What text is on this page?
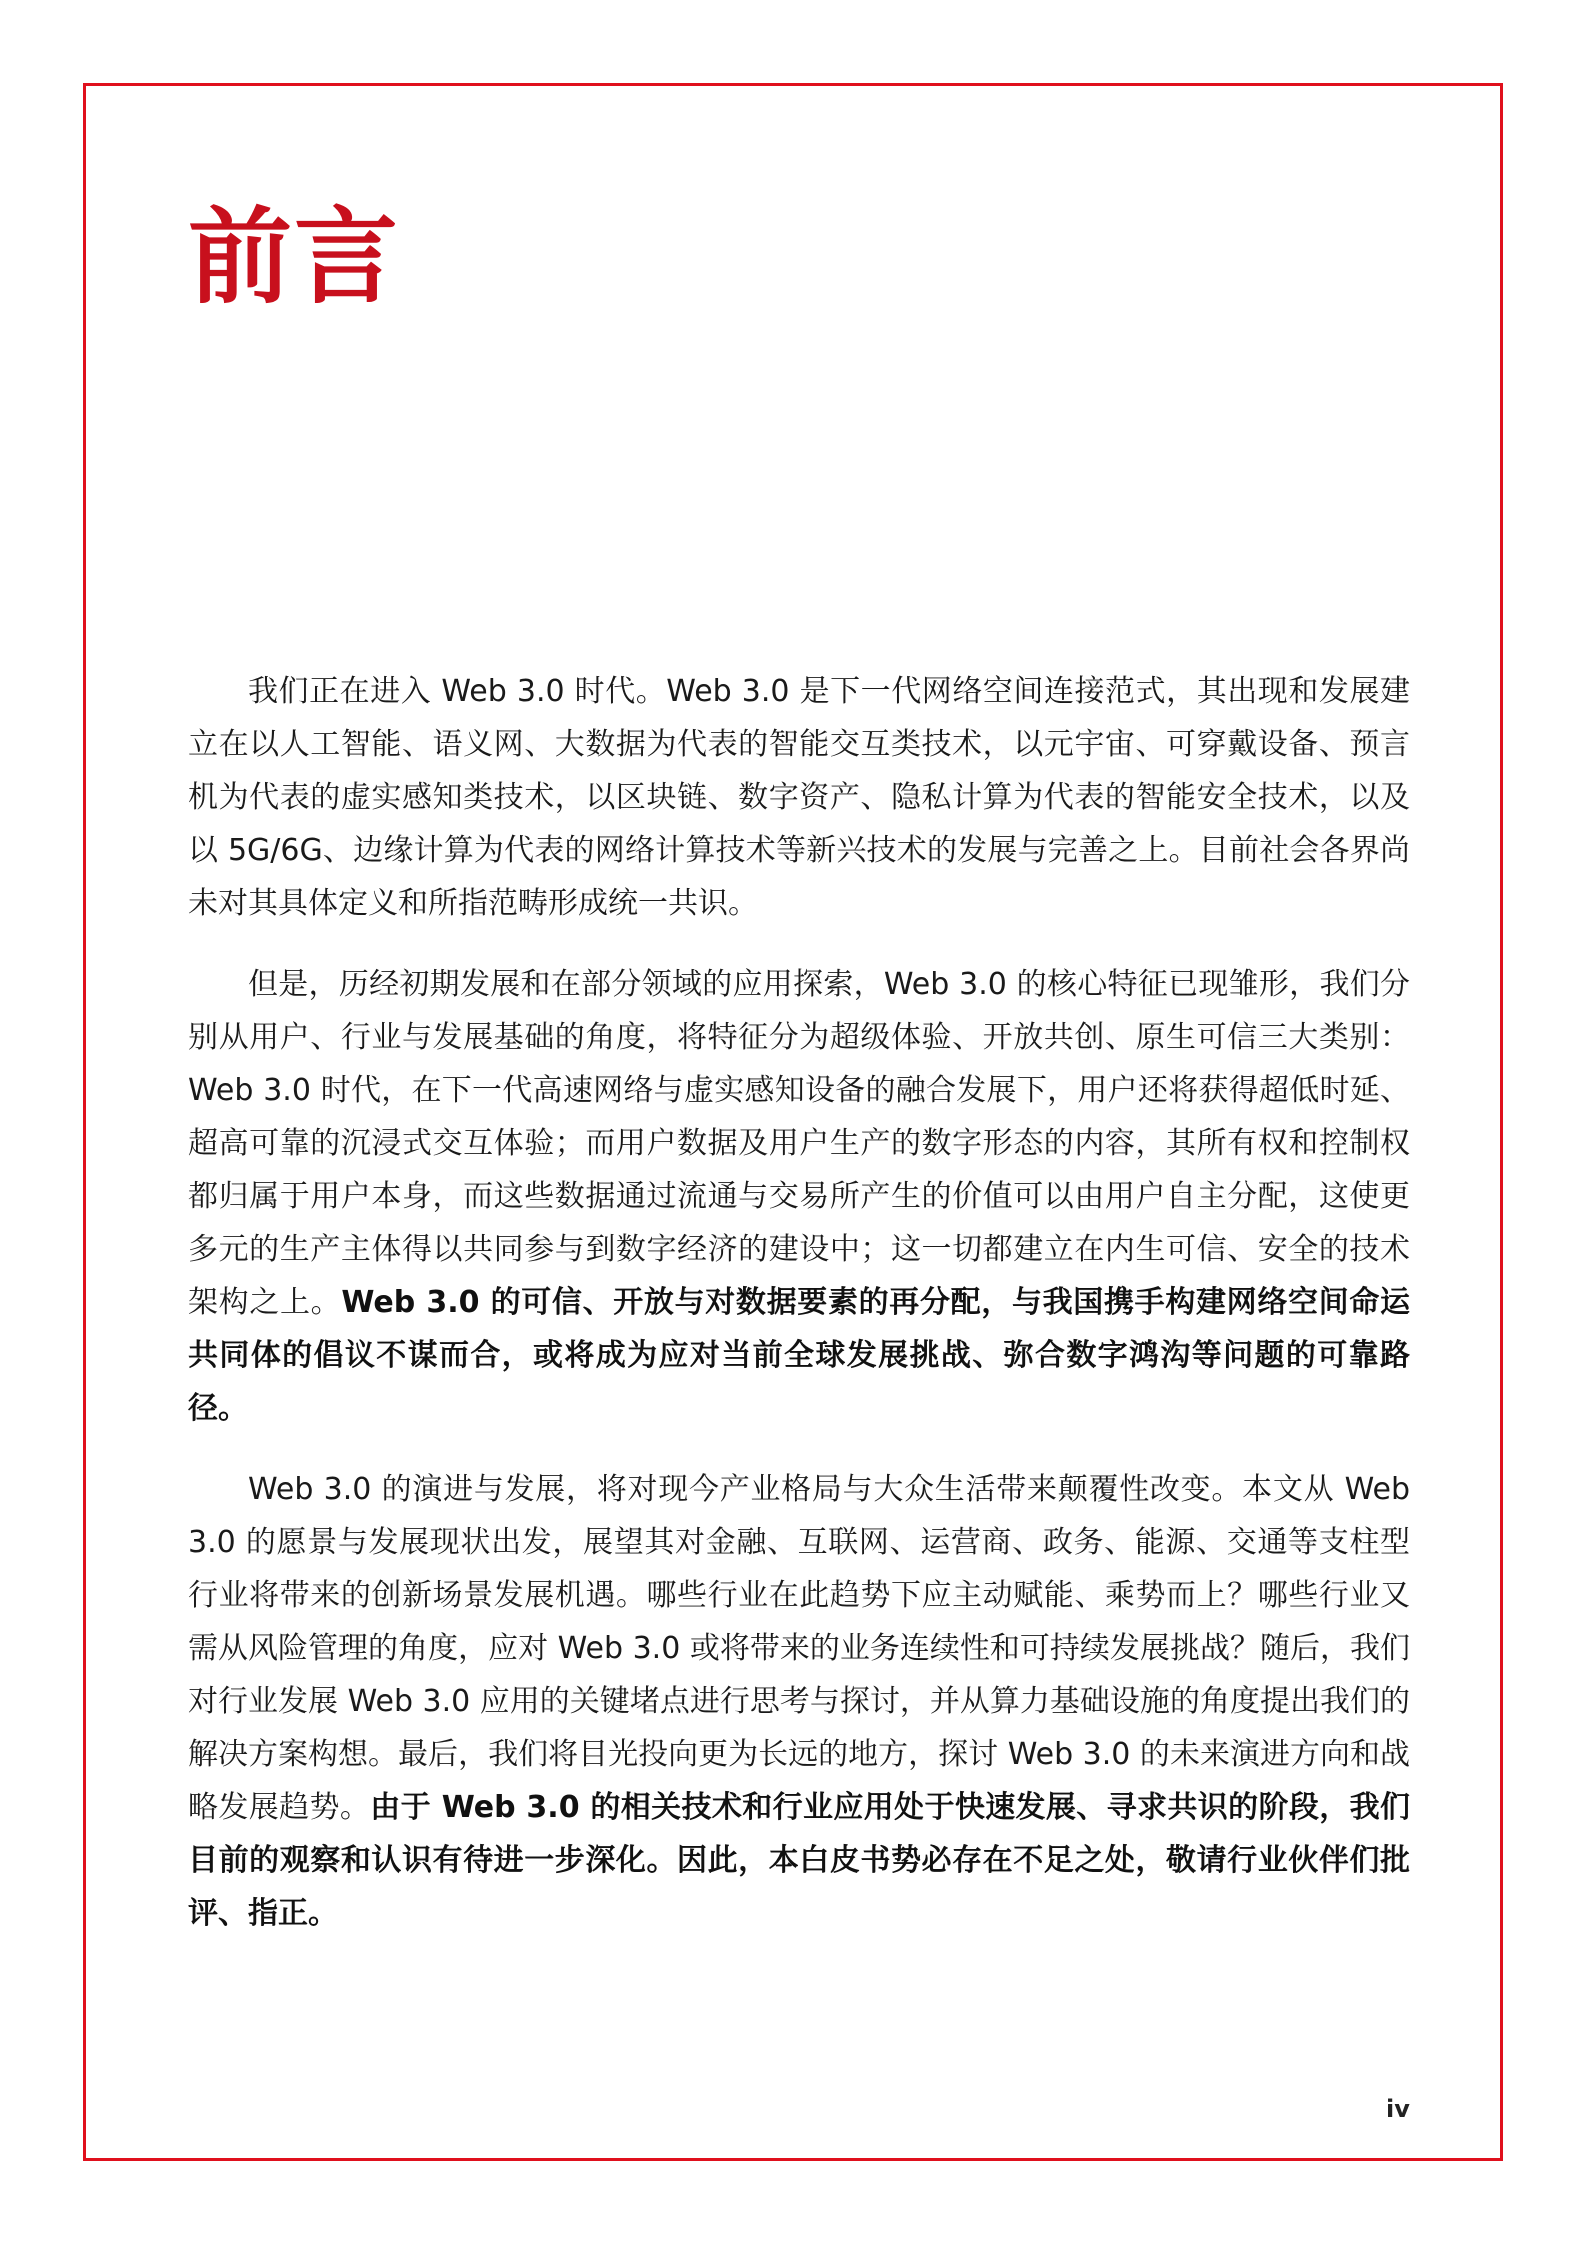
前言

我们正在进入 Web 3.0 时代。Web 3.0 是下一代网络空间连接范式，其出现和发展建立在以人工智能、语义网、大数据为代表的智能交互类技术，以元宇宙、可穿戴设备、预言机为代表的虚实感知类技术，以区块链、数字资产、隐私计算为代表的智能安全技术，以及以 5G/6G、边缘计算为代表的网络计算技术等新兴技术的发展与完善之上。目前社会各界尚未对其具体定义和所指范畴形成统一共识。

但是，历经初期发展和在部分领域的应用探索，Web 3.0 的核心特征已现雏形，我们分别从用户、行业与发展基础的角度，将特征分为超级体验、开放共创、原生可信三大类别：Web 3.0 时代，在下一代高速网络与虚实感知设备的融合发展下，用户还将获得超低时延、超高可靠的沉浸式交互体验；而用户数据及用户生产的数字形态的内容，其所有权和控制权都归属于用户本身，而这些数据通过流通与交易所产生的价值可以由用户自主分配，这使更多元的生产主体得以共同参与到数字经济的建设中；这一切都建立在内生可信、安全的技术架构之上。Web 3.0 的可信、开放与对数据要素的再分配，与我国携手构建网络空间命运共同体的倡议不谋而合，或将成为应对当前全球发展挑战、弥合数字鸿沟等问题的可靠路径。

Web 3.0 的演进与发展，将对现今产业格局与大众生活带来颠覆性改变。本文从 Web 3.0 的愿景与发展现状出发，展望其对金融、互联网、运营商、政务、能源、交通等支柱型行业将带来的创新场景发展机遇。哪些行业在此趋势下应主动赋能、乘势而上？哪些行业又需从风险管理的角度，应对 Web 3.0 或将带来的业务连续性和可持续发展挑战？随后，我们对行业发展 Web 3.0 应用的关键堵点进行思考与探讨，并从算力基础设施的角度提出我们的解决方案构想。最后，我们将目光投向更为长远的地方，探讨 Web 3.0 的未来演进方向和战略发展趋势。由于 Web 3.0 的相关技术和行业应用处于快速发展、寻求共识的阶段，我们目前的观察和认识有待进一步深化。因此，本白皮书势必存在不足之处，敬请行业伙伴们批评、指正。

iv
